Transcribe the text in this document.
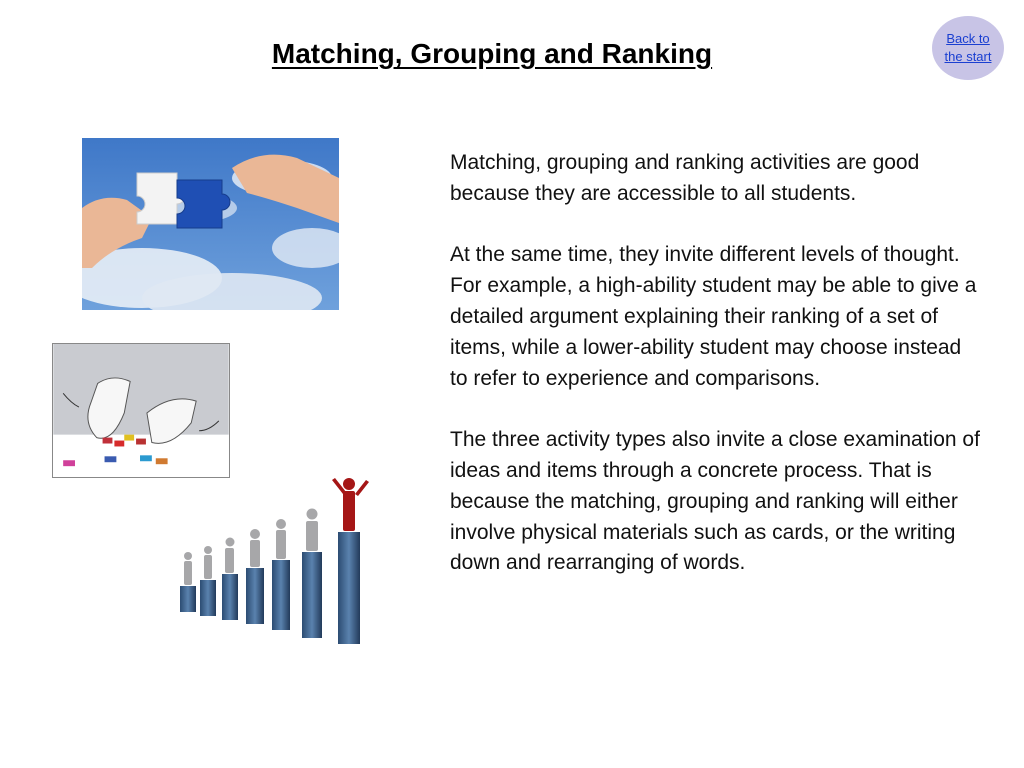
Matching, Grouping and Ranking	Back to
the start

Matching, grouping and ranking activities are good because they are accessible to all students.

At the same time, they invite different levels of thought. For example, a high-ability student may be able to give a detailed argument explaining their ranking of a set of items, while a lower-ability student may choose instead to refer to experience and comparisons.

The three activity types also invite a close examination of ideas and items through a concrete process. That is because the matching, grouping and ranking will either involve physical materials such as cards, or the writing down and rearranging of words.
